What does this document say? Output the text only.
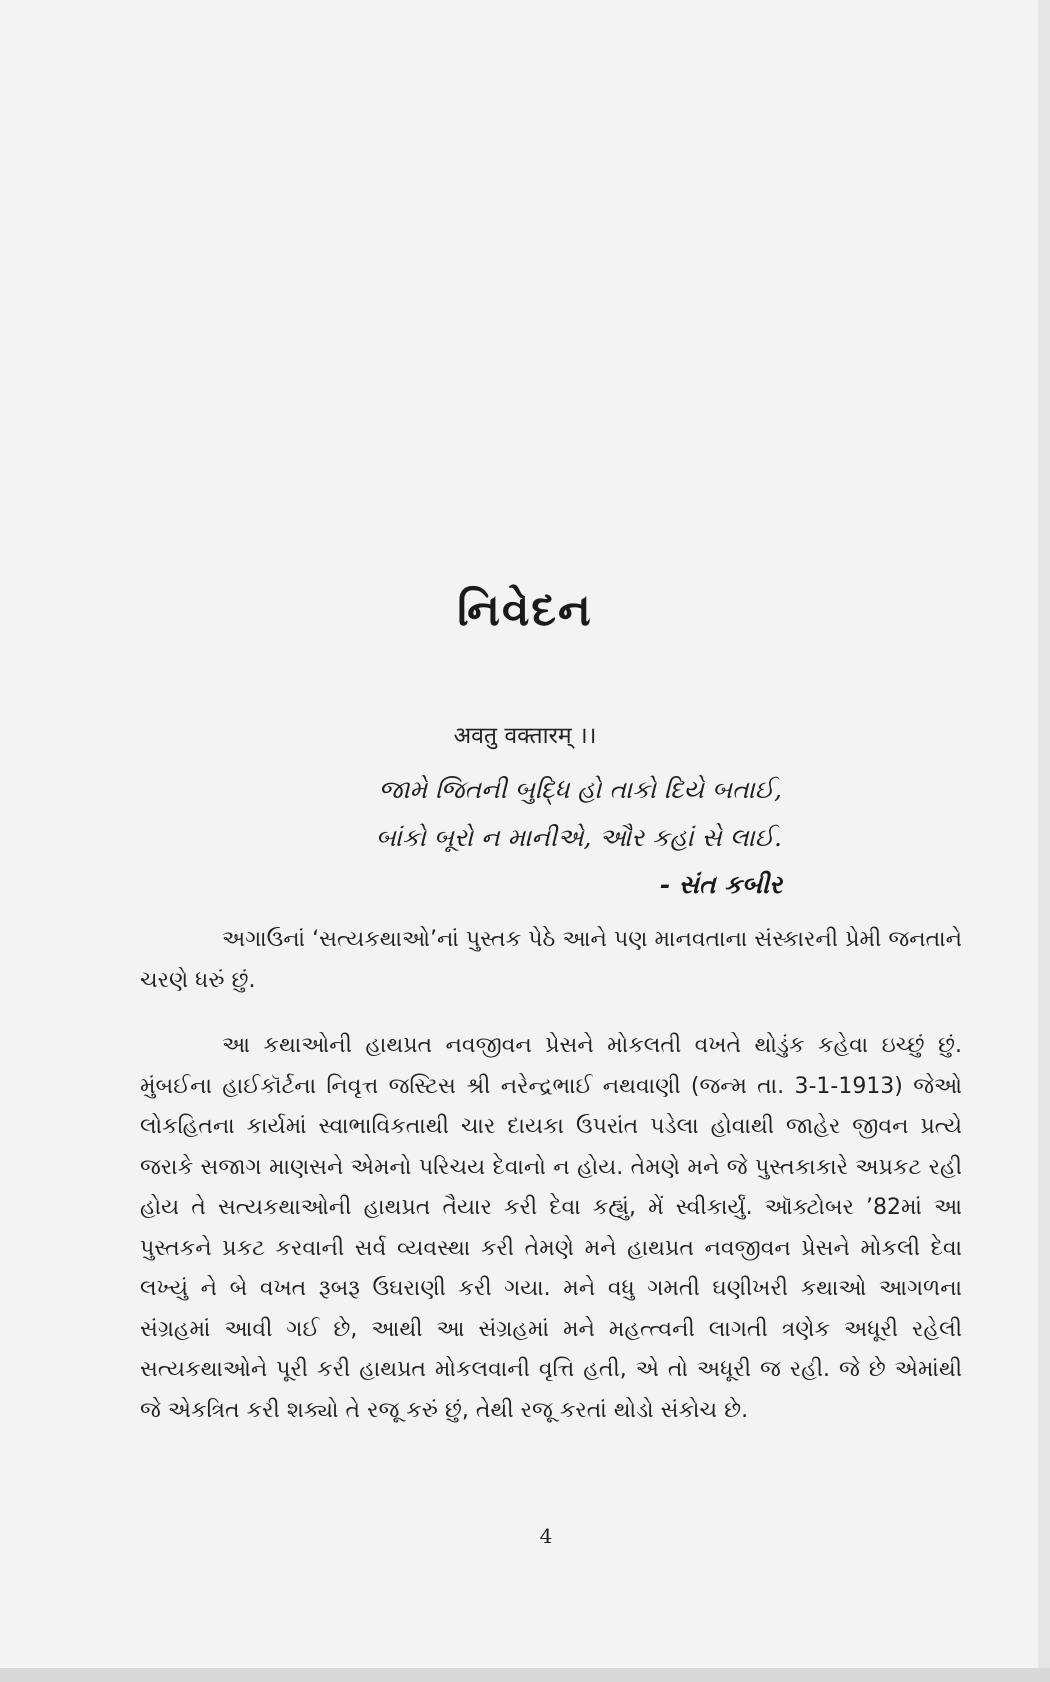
નિવેદન
अवतु वक्तारम् ।।
જામે જિતની બુદ્ધિ હો તાકો દિયે બતાઈ,
બાંકો બૂરો ન માનીએ, ઔર કહાં સે લાઈ.
- સંત કબીર

અગાઉનાં ‘સત્યકથાઓ’નાં પુસ્તક પેઠે આને પણ માનવતાના સંસ્કારની પ્રેમી જનતાને ચરણે ધરું છું.

આ કથાઓની હાથપ્રત નવજીવન પ્રેસને મોકલતી વખતે થોડુંક કહેવા ઇચ્છું છું. મુંબઈના હાઈકૉર્ટના નિવૃત્ત જસ્ટિસ શ્રી નરેન્દ્રભાઈ નથવાણી (જન્મ તા. 3-1-1913) જેઓ લોકહિતના કાર્યમાં સ્વાભાવિકતાથી ચાર દાયકા ઉપરાંત પડેલા હોવાથી જાહેર જીવન પ્રત્યે જરાકે સજાગ માણસને એમનો પરિચય દેવાનો ન હોય. તેમણે મને જે પુસ્તકાકારે અપ્રકટ રહી હોય તે સત્યકથાઓની હાથપ્રત તૈયાર કરી દેવા કહ્યું, મેં સ્વીકાર્યું. ઑક્ટોબર ’82માં આ પુસ્તકને પ્રકટ કરવાની સર્વ વ્યવસ્થા કરી તેમણે મને હાથપ્રત નવજીવન પ્રેસને મોકલી દેવા લખ્યું ને બે વખત રૂબરૂ ઉઘરાણી કરી ગયા. મને વધુ ગમતી ઘણીખરી કથાઓ આગળના સંગ્રહમાં આવી ગઈ છે, આથી આ સંગ્રહમાં મને મહત્ત્વની લાગતી ત્રણેક અધૂરી રહેલી સત્યકથાઓને પૂરી કરી હાથપ્રત મોકલવાની વૃત્તિ હતી, એ તો અધૂરી જ રહી. જે છે એમાંથી જે એકત્રિત કરી શક્યો તે રજૂ કરું છું, તેથી રજૂ કરતાં થોડો સંકોચ છે.

4
